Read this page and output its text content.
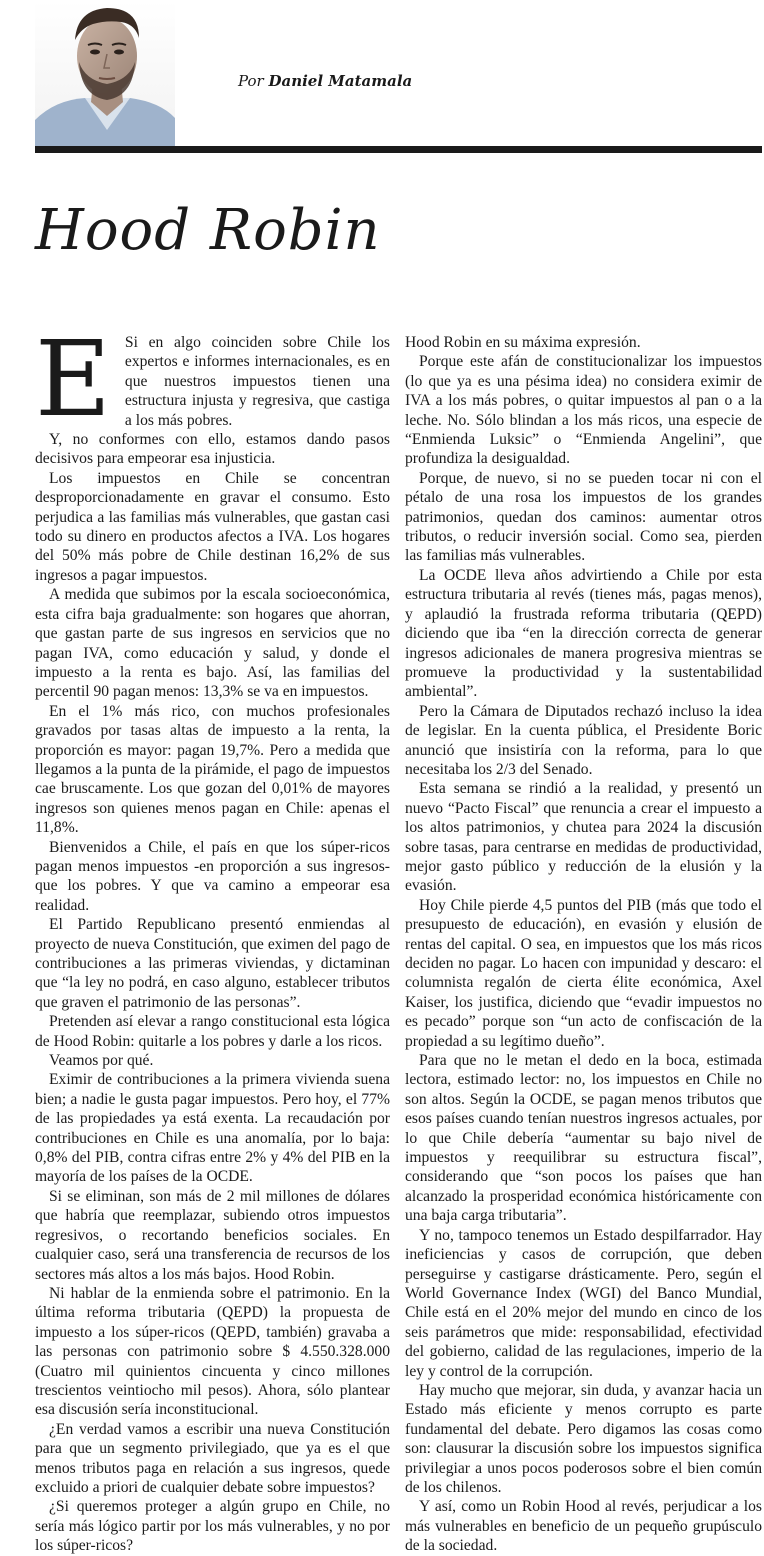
Por Daniel Matamala
Hood Robin

E Si en algo coinciden sobre Chile los expertos e informes internacionales, es en que nuestros impuestos tienen una estructura injusta y regresiva, que castiga a los más pobres.

Y, no conformes con ello, estamos dando pasos decisivos para empeorar esa injusticia.

Los impuestos en Chile se concentran desproporcionadamente en gravar el consumo. Esto perjudica a las familias más vulnerables, que gastan casi todo su dinero en productos afectos a IVA. Los hogares del 50% más pobre de Chile destinan 16,2% de sus ingresos a pagar impuestos.

A medida que subimos por la escala socioeconómica, esta cifra baja gradualmente: son hogares que ahorran, que gastan parte de sus ingresos en servicios que no pagan IVA, como educación y salud, y donde el impuesto a la renta es bajo. Así, las familias del percentil 90 pagan menos: 13,3% se va en impuestos.

En el 1% más rico, con muchos profesionales gravados por tasas altas de impuesto a la renta, la proporción es mayor: pagan 19,7%. Pero a medida que llegamos a la punta de la pirámide, el pago de impuestos cae bruscamente. Los que gozan del 0,01% de mayores ingresos son quienes menos pagan en Chile: apenas el 11,8%.

Bienvenidos a Chile, el país en que los súper-ricos pagan menos impuestos -en proporción a sus ingresos- que los pobres. Y que va camino a empeorar esa realidad.

El Partido Republicano presentó enmiendas al proyecto de nueva Constitución, que eximen del pago de contribuciones a las primeras viviendas, y dictaminan que “la ley no podrá, en caso alguno, establecer tributos que graven el patrimonio de las personas”.

Pretenden así elevar a rango constitucional esta lógica de Hood Robin: quitarle a los pobres y darle a los ricos.

Veamos por qué.

Eximir de contribuciones a la primera vivienda suena bien; a nadie le gusta pagar impuestos. Pero hoy, el 77% de las propiedades ya está exenta. La recaudación por contribuciones en Chile es una anomalía, por lo baja: 0,8% del PIB, contra cifras entre 2% y 4% del PIB en la mayoría de los países de la OCDE.

Si se eliminan, son más de 2 mil millones de dólares que habría que reemplazar, subiendo otros impuestos regresivos, o recortando beneficios sociales. En cualquier caso, será una transferencia de recursos de los sectores más altos a los más bajos. Hood Robin.

Ni hablar de la enmienda sobre el patrimonio. En la última reforma tributaria (QEPD) la propuesta de impuesto a los súper-ricos (QEPD, también) gravaba a las personas con patrimonio sobre $ 4.550.328.000 (Cuatro mil quinientos cincuenta y cinco millones trescientos veintiocho mil pesos). Ahora, sólo plantear esa discusión sería inconstitucional.

¿En verdad vamos a escribir una nueva Constitución para que un segmento privilegiado, que ya es el que menos tributos paga en relación a sus ingresos, quede excluido a priori de cualquier debate sobre impuestos?

¿Si queremos proteger a algún grupo en Chile, no sería más lógico partir por los más vulnerables, y no por los súper-ricos?

Hood Robin en su máxima expresión.

Porque este afán de constitucionalizar los impuestos (lo que ya es una pésima idea) no considera eximir de IVA a los más pobres, o quitar impuestos al pan o a la leche. No. Sólo blindan a los más ricos, una especie de “Enmienda Luksic” o “Enmienda Angelini”, que profundiza la desigualdad.

Porque, de nuevo, si no se pueden tocar ni con el pétalo de una rosa los impuestos de los grandes patrimonios, quedan dos caminos: aumentar otros tributos, o reducir inversión social. Como sea, pierden las familias más vulnerables.

La OCDE lleva años advirtiendo a Chile por esta estructura tributaria al revés (tienes más, pagas menos), y aplaudió la frustrada reforma tributaria (QEPD) diciendo que iba “en la dirección correcta de generar ingresos adicionales de manera progresiva mientras se promueve la productividad y la sustentabilidad ambiental”.

Pero la Cámara de Diputados rechazó incluso la idea de legislar. En la cuenta pública, el Presidente Boric anunció que insistiría con la reforma, para lo que necesitaba los 2/3 del Senado.

Esta semana se rindió a la realidad, y presentó un nuevo “Pacto Fiscal” que renuncia a crear el impuesto a los altos patrimonios, y chutea para 2024 la discusión sobre tasas, para centrarse en medidas de productividad, mejor gasto público y reducción de la elusión y la evasión.

Hoy Chile pierde 4,5 puntos del PIB (más que todo el presupuesto de educación), en evasión y elusión de rentas del capital. O sea, en impuestos que los más ricos deciden no pagar. Lo hacen con impunidad y descaro: el columnista regalón de cierta élite económica, Axel Kaiser, los justifica, diciendo que “evadir impuestos no es pecado” porque son “un acto de confiscación de la propiedad a su legítimo dueño”.

Para que no le metan el dedo en la boca, estimada lectora, estimado lector: no, los impuestos en Chile no son altos. Según la OCDE, se pagan menos tributos que esos países cuando tenían nuestros ingresos actuales, por lo que Chile debería “aumentar su bajo nivel de impuestos y reequilibrar su estructura fiscal”, considerando que “son pocos los países que han alcanzado la prosperidad económica históricamente con una baja carga tributaria”.

Y no, tampoco tenemos un Estado despilfarrador. Hay ineficiencias y casos de corrupción, que deben perseguirse y castigarse drásticamente. Pero, según el World Governance Index (WGI) del Banco Mundial, Chile está en el 20% mejor del mundo en cinco de los seis parámetros que mide: responsabilidad, efectividad del gobierno, calidad de las regulaciones, imperio de la ley y control de la corrupción.

Hay mucho que mejorar, sin duda, y avanzar hacia un Estado más eficiente y menos corrupto es parte fundamental del debate. Pero digamos las cosas como son: clausurar la discusión sobre los impuestos significa privilegiar a unos pocos poderosos sobre el bien común de los chilenos.

Y así, como un Robin Hood al revés, perjudicar a los más vulnerables en beneficio de un pequeño grupúsculo de la sociedad.
